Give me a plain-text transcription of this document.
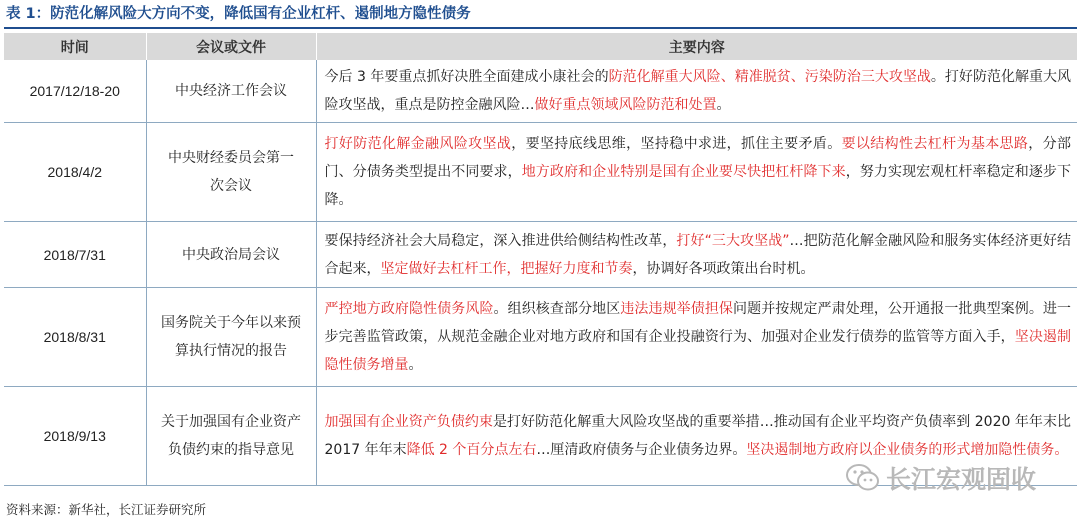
表 1：防范化解风险大方向不变，降低国有企业杠杆、遏制地方隐性债务
时间	会议或文件	主要内容
2017/12/18-20	中央经济工作会议	今后 3 年要重点抓好决胜全面建成小康社会的防范化解重大风险、精准脱贫、污染防治三大攻坚战。打好防范化解重大风险攻坚战，重点是防控金融风险…做好重点领域风险防范和处置。
2018/4/2	中央财经委员会第一次会议	打好防范化解金融风险攻坚战，要坚持底线思维，坚持稳中求进，抓住主要矛盾。要以结构性去杠杆为基本思路，分部门、分债务类型提出不同要求，地方政府和企业特别是国有企业要尽快把杠杆降下来，努力实现宏观杠杆率稳定和逐步下降。
2018/7/31	中央政治局会议	要保持经济社会大局稳定，深入推进供给侧结构性改革，打好“三大攻坚战”…把防范化解金融风险和服务实体经济更好结合起来，坚定做好去杠杆工作，把握好力度和节奏，协调好各项政策出台时机。
2018/8/31	国务院关于今年以来预算执行情况的报告	严控地方政府隐性债务风险。组织核查部分地区违法违规举债担保问题并按规定严肃处理，公开通报一批典型案例。进一步完善监管政策，从规范金融企业对地方政府和国有企业投融资行为、加强对企业发行债券的监管等方面入手，坚决遏制隐性债务增量。
2018/9/13	关于加强国有企业资产负债约束的指导意见	加强国有企业资产负债约束是打好防范化解重大风险攻坚战的重要举措…推动国有企业平均资产负债率到 2020 年年末比 2017 年年末降低 2 个百分点左右…厘清政府债务与企业债务边界。坚决遏制地方政府以企业债务的形式增加隐性债务。
资料来源：新华社，长江证券研究所
长江宏观固收
